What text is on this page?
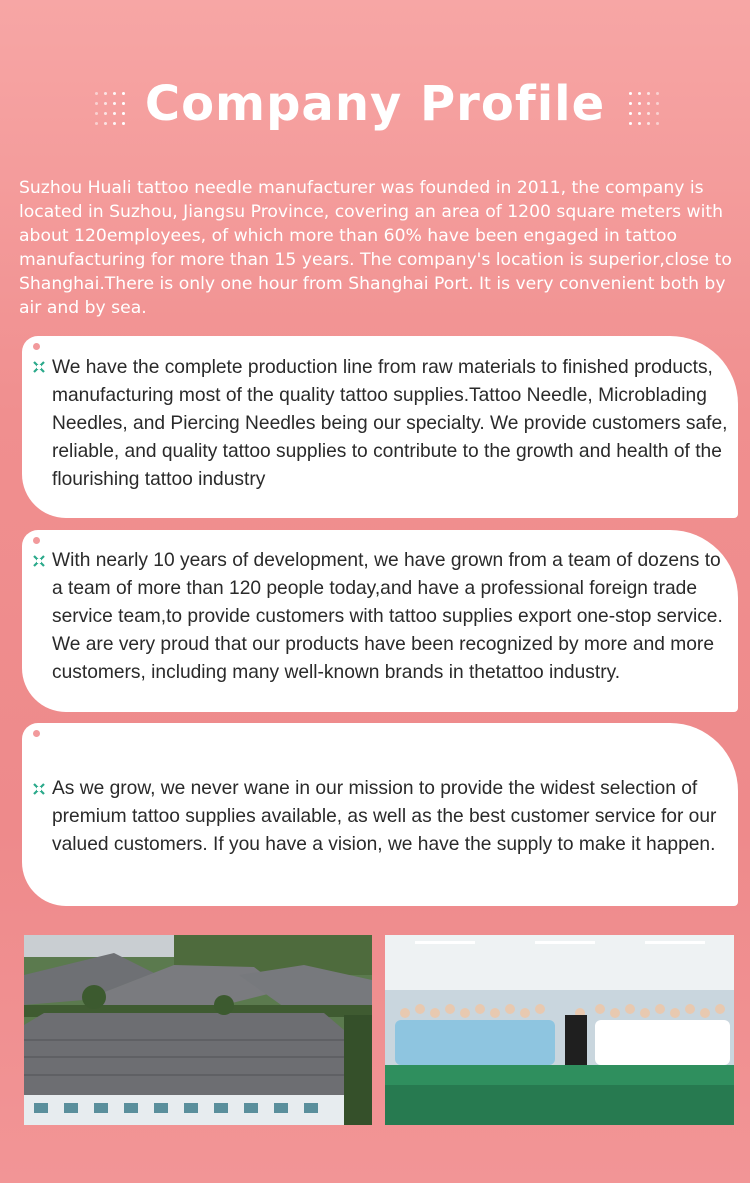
Company Profile

Suzhou Huali tattoo needle manufacturer was founded in 2011, the company is located in Suzhou, Jiangsu Province, covering an area of 1200 square meters with about 120employees, of which more than 60% have been engaged in tattoo manufacturing for more than 15 years. The company's location is superior,close to Shanghai.There is only one hour from Shanghai Port. It is very convenient both by air and by sea.

We have the complete production line from raw materials to finished products, manufacturing most of the quality tattoo supplies.Tattoo Needle, Microblading Needles, and Piercing Needles being our specialty. We provide customers safe, reliable, and quality tattoo supplies to contribute to the growth and health of the flourishing tattoo industry

With nearly 10 years of development, we have grown from a team of dozens to a team of more than 120 people today,and have a professional foreign trade service team,to provide customers with tattoo supplies export one-stop service. We are very proud that our products have been recognized by more and more customers, including many well-known brands in thetattoo industry.

As we grow, we never wane in our mission to provide the widest selection of premium tattoo supplies available, as well as the best customer service for our valued customers. If you have a vision, we have the supply to make it happen.
